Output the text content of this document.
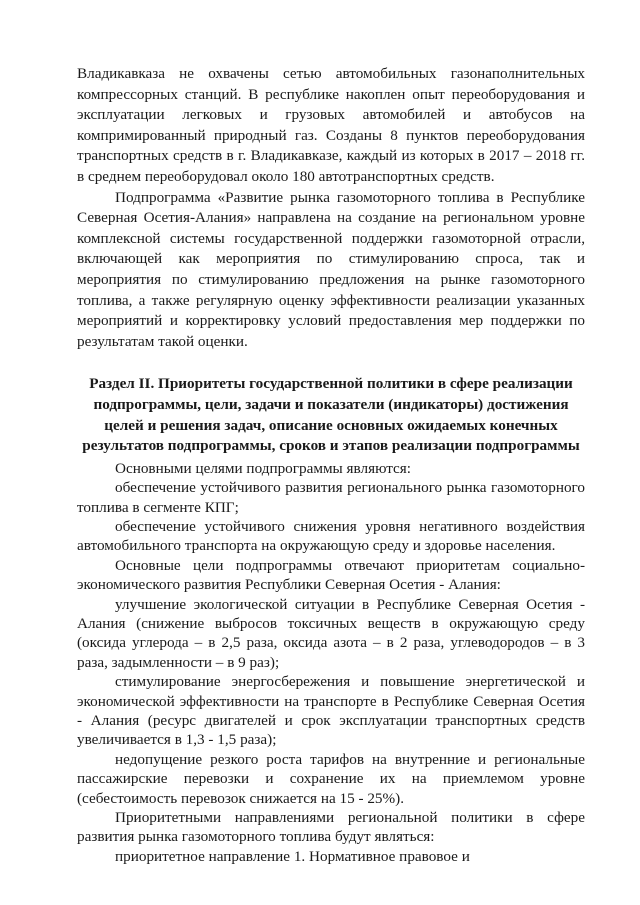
Владикавказа не охвачены сетью автомобильных газонаполнительных компрессорных станций. В республике накоплен опыт переоборудования и эксплуатации легковых и грузовых автомобилей и автобусов на компримированный природный газ. Созданы 8 пунктов переоборудования транспортных средств в г. Владикавказе, каждый из которых в 2017 – 2018 гг. в среднем переоборудовал около 180 автотранспортных средств.

Подпрограмма «Развитие рынка газомоторного топлива в Республике Северная Осетия-Алания» направлена на создание на региональном уровне комплексной системы государственной поддержки газомоторной отрасли, включающей как мероприятия по стимулированию спроса, так и мероприятия по стимулированию предложения на рынке газомоторного топлива, а также регулярную оценку эффективности реализации указанных мероприятий и корректировку условий предоставления мер поддержки по результатам такой оценки.

Раздел II. Приоритеты государственной политики в сфере реализации
подпрограммы, цели, задачи и показатели (индикаторы) достижения
целей и решения задач, описание основных ожидаемых конечных
результатов подпрограммы, сроков и этапов реализации подпрограммы

Основными целями подпрограммы являются:

обеспечение устойчивого развития регионального рынка газомоторного топлива в сегменте КПГ;

обеспечение устойчивого снижения уровня негативного воздействия автомобильного транспорта на окружающую среду и здоровье населения.

Основные цели подпрограммы отвечают приоритетам социально-экономического развития Республики Северная Осетия - Алания:

улучшение экологической ситуации в Республике Северная Осетия - Алания (снижение выбросов токсичных веществ в окружающую среду (оксида углерода – в 2,5 раза, оксида азота – в 2 раза, углеводородов – в 3 раза, задымленности – в 9 раз);

стимулирование энергосбережения и повышение энергетической и экономической эффективности на транспорте в Республике Северная Осетия - Алания (ресурс двигателей и срок эксплуатации транспортных средств увеличивается в 1,3 - 1,5 раза);

недопущение резкого роста тарифов на внутренние и региональные пассажирские перевозки и сохранение их на приемлемом уровне (себестоимость перевозок снижается на 15 - 25%).

Приоритетными направлениями региональной политики в сфере развития рынка газомоторного топлива будут являться:

приоритетное направление 1. Нормативное правовое и
